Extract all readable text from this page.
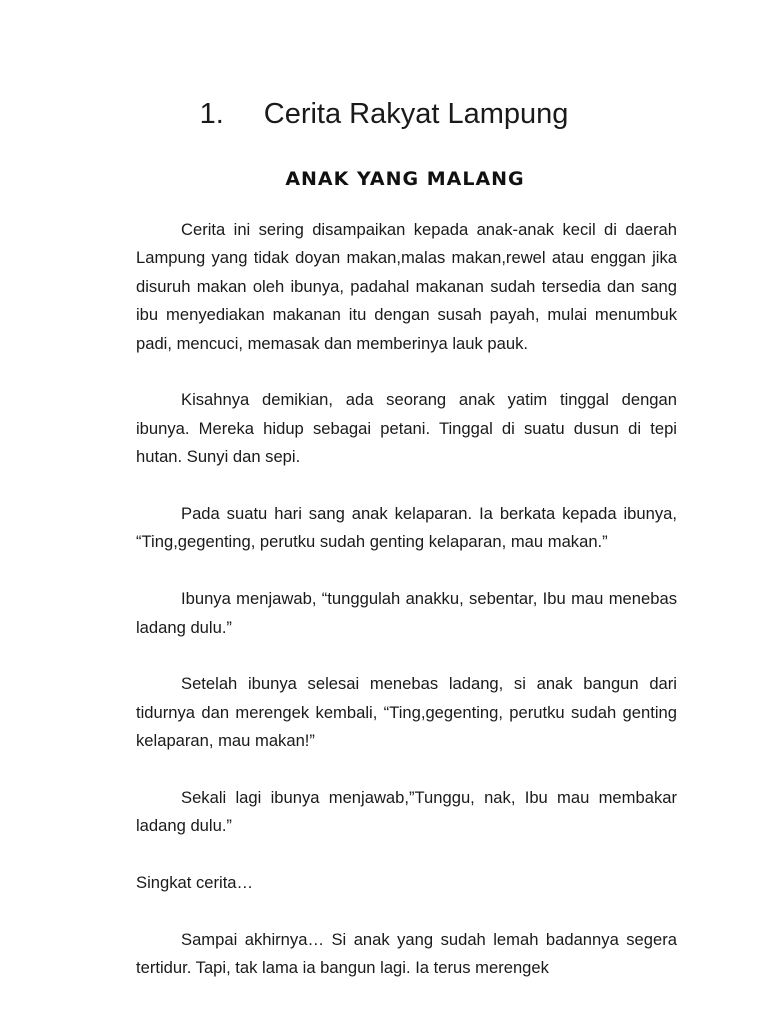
1. Cerita Rakyat Lampung
ANAK YANG MALANG

Cerita ini sering disampaikan kepada anak-anak kecil di daerah Lampung yang tidak doyan makan,malas makan,rewel atau enggan jika disuruh makan oleh ibunya, padahal makanan sudah tersedia dan sang ibu menyediakan makanan itu dengan susah payah, mulai menumbuk padi, mencuci, memasak dan memberinya lauk pauk.

Kisahnya demikian, ada seorang anak yatim tinggal dengan ibunya. Mereka hidup sebagai petani. Tinggal di suatu dusun di tepi hutan. Sunyi dan sepi.

Pada suatu hari sang anak kelaparan. Ia berkata kepada ibunya, “Ting,gegenting, perutku sudah genting kelaparan, mau makan.”

Ibunya menjawab, “tunggulah anakku, sebentar, Ibu mau menebas ladang dulu.”

Setelah ibunya selesai menebas ladang, si anak bangun dari tidurnya dan merengek kembali, “Ting,gegenting, perutku sudah genting kelaparan, mau makan!”

Sekali lagi ibunya menjawab,”Tunggu, nak, Ibu mau membakar ladang dulu.”

Singkat cerita…

Sampai akhirnya… Si anak yang sudah lemah badannya segera tertidur. Tapi, tak lama ia bangun lagi. Ia terus merengek
